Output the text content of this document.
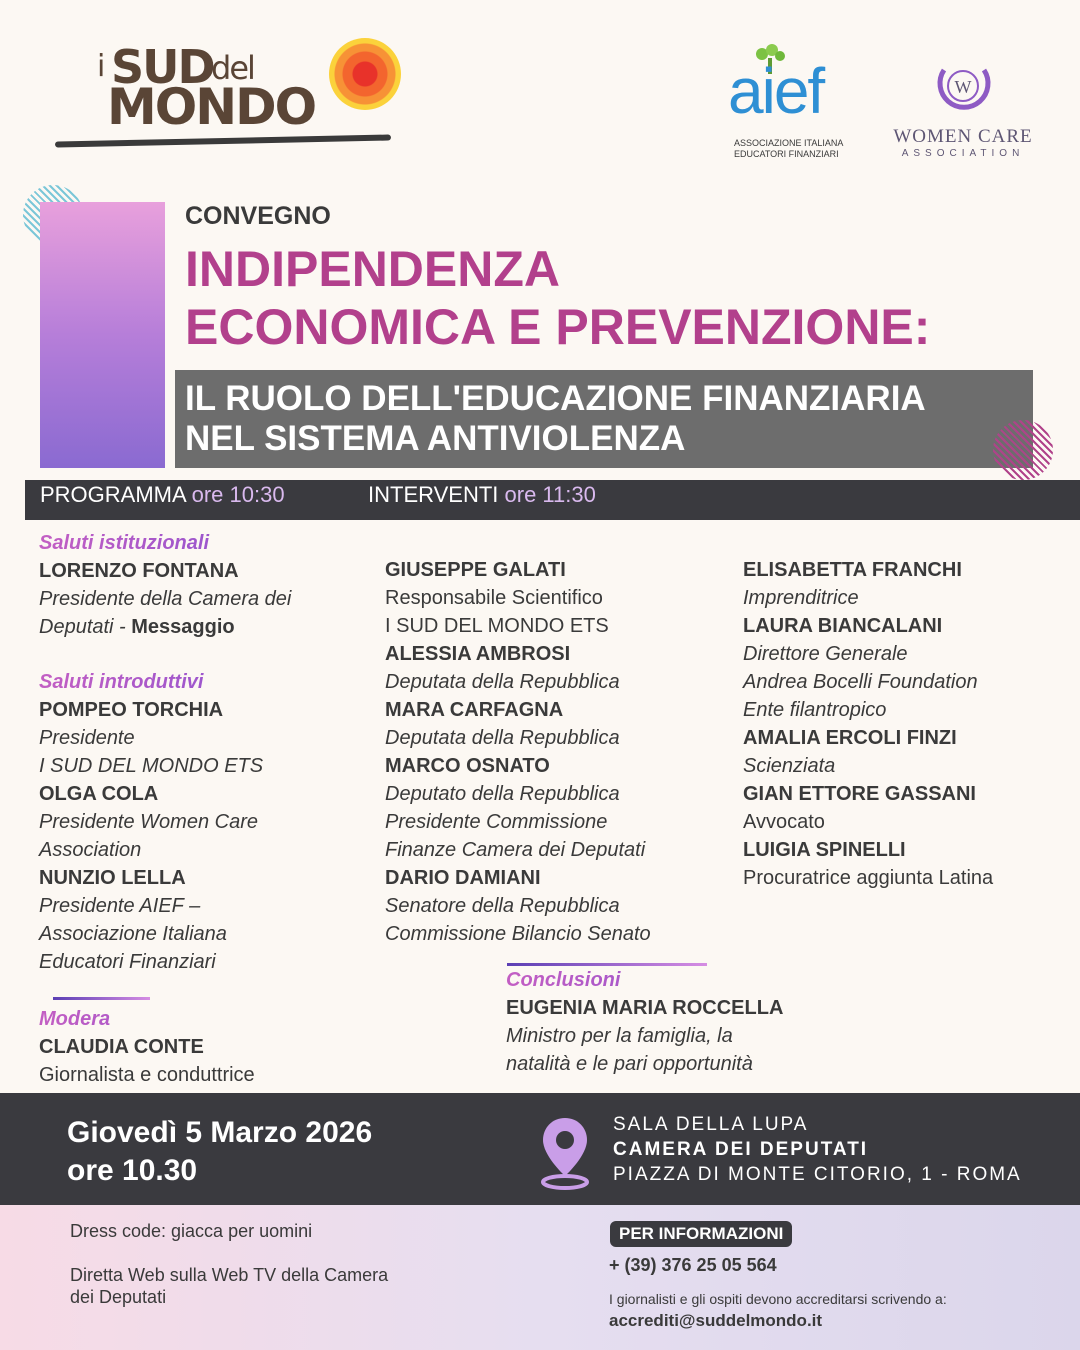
i SUD
del
MONDO	aief
ASSOCIAZIONE ITALIANA
EDUCATORI FINANZIARI
W
WOMEN CARE
ASSOCIATION
CONVEGNO
INDIPENDENZA
ECONOMICA E PREVENZIONE:
IL RUOLO DELL'EDUCAZIONE FINANZIARIA
NEL SISTEMA ANTIVIOLENZA
PROGRAMMA ore 10:30	INTERVENTI ore 11:30
Saluti istituzionali
LORENZO FONTANA
Presidente della Camera dei
Deputati - Messaggio
Saluti introduttivi
POMPEO TORCHIA
Presidente
I SUD DEL MONDO ETS
OLGA COLA
Presidente Women Care
Association
NUNZIO LELLA
Presidente AIEF –
Associazione Italiana
Educatori Finanziari
Modera
CLAUDIA CONTE
Giornalista e conduttrice
GIUSEPPE GALATI
Responsabile Scientifico
I SUD DEL MONDO ETS
ALESSIA AMBROSI
Deputata della Repubblica
MARA CARFAGNA
Deputata della Repubblica
MARCO OSNATO
Deputato della Repubblica
Presidente Commissione
Finanze Camera dei Deputati
DARIO DAMIANI
Senatore della Repubblica
Commissione Bilancio Senato
Conclusioni
EUGENIA MARIA ROCCELLA
Ministro per la famiglia, la
natalità e le pari opportunità
ELISABETTA FRANCHI
Imprenditrice
LAURA BIANCALANI
Direttore Generale
Andrea Bocelli Foundation
Ente filantropico
AMALIA ERCOLI FINZI
Scienziata
GIAN ETTORE GASSANI
Avvocato
LUIGIA SPINELLI
Procuratrice aggiunta Latina
Giovedì 5 Marzo 2026
ore 10.30
SALA DELLA LUPA
CAMERA DEI DEPUTATI
PIAZZA DI MONTE CITORIO, 1 - ROMA
Dress code: giacca per uomini
Diretta Web sulla Web TV della Camera
dei Deputati
PER INFORMAZIONI
+ (39) 376 25 05 564
I giornalisti e gli ospiti devono accreditarsi scrivendo a:
accrediti@suddelmondo.it
